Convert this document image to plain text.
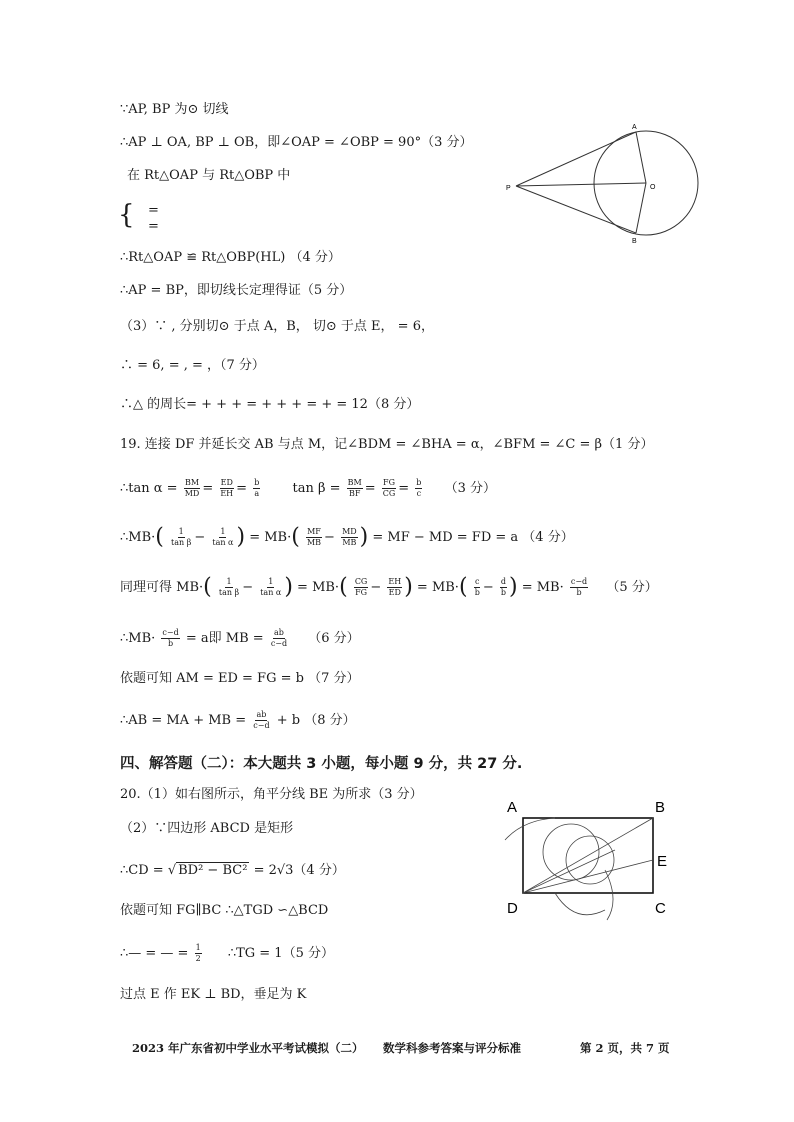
∵AP, BP 为⊙ 切线
∴AP ⊥ OA, BP ⊥ OB，即∠OAP = ∠OBP = 90°（3 分）
在 Rt△OAP 与 Rt△OBP 中
{ =
=
∴Rt△OAP ≌ Rt△OBP(HL) （4 分）
∴AP = BP，即切线长定理得证（5 分）
（3）∵ , 分别切⊙ 于点 A，B， 切⊙ 于点 E， = 6，
∴ = 6, = , = ，（7 分）
∴△ 的周长= + + + = + + + = + = 12（8 分）
19. 连接 DF 并延长交 AB 与点 M，记∠BDM = ∠BHA = α，∠BFM = ∠C = β（1 分）
∴tan $\alpha = \frac{BM}{MD} = \frac{ED}{EH} = \frac{b}{a}$ $\tan \beta = \frac{BM}{BF} = \frac{FG}{CG} = \frac{b}{c} (3$ 分）
∴MB·( $\frac{1}{\text{tan β}} - \frac{1}{\text{tan α}}$ ) = $MB\cdot( \frac{MF}{MB} - \frac{MD}{MB}$ ) = MF − MD = FD = a （4 分）
同理可得 $MB\cdot( \frac{1}{\text{tan β}} - \frac{1}{\text{tan α}}$ ) = $MB\cdot( \frac{CG}{FG} - \frac{EH}{ED}$ ) = $MB\cdot( \frac{c}{b} - \frac{d}{b}$ ) = $MB\cdot \frac{c-d}{b} (5$ 分）
∴MB· $\frac{c-d}{b} = a$即 MB = $\frac{ab}{c-d} (6$ 分）
依题可知 AM = ED = FG = b （7 分）
∴AB = MA + MB = $\frac{ab}{c-d} + b$ （8 分）
四、解答题（二）：本大题共 3 小题，每小题 9 分，共 27 分.
20.（1）如右图所示，角平分线 BE 为所求（3 分）
（2）∵四边形 ABCD 是矩形
∴CD = √ BD² − BC² = 2√3（4 分）
依题可知 FG∥BC ∴△TGD ∽△BCD
∴— = — = $\frac{1}{2}$ ∴TG = 1（5 分）
过点 E 作 EK ⊥ BD，垂足为 K
A
B
O
P
A	B
E
D	C
2023 年广东省初中学业水平考试模拟（二） 数学科参考答案与评分标准	第 2 页，共 7 页
